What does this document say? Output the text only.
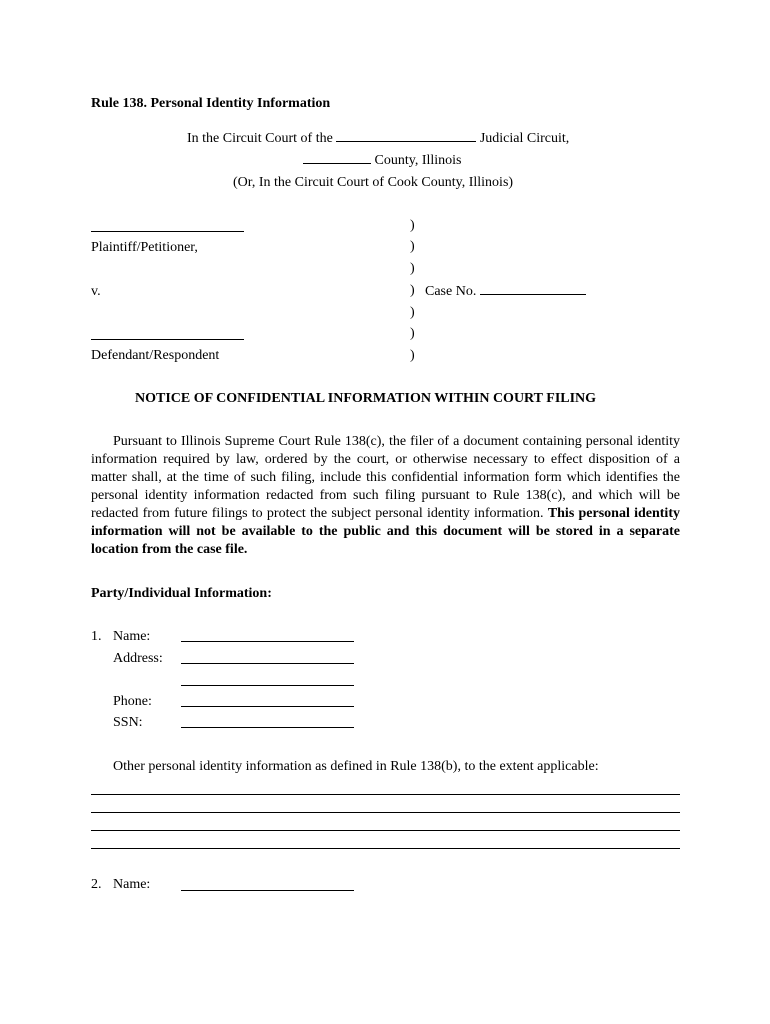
Rule 138. Personal Identity Information
In the Circuit Court of the	Judicial Circuit,
County, Illinois
(Or, In the Circuit Court of Cook County, Illinois)
Plaintiff/Petitioner,
v.
Defendant/Respondent
)
)
)
)
)
)
)
Case No.
NOTICE OF CONFIDENTIAL INFORMATION WITHIN COURT FILING
Pursuant to Illinois Supreme Court Rule 138(c), the filer of a document containing personal identity information required by law, ordered by the court, or otherwise necessary to effect disposition of a matter shall, at the time of such filing, include this confidential information form which identifies the personal identity information redacted from such filing pursuant to Rule 138(c), and which will be redacted from future filings to protect the subject personal identity information. This personal identity information will not be available to the public and this document will be stored in a separate location from the case file.
Party/Individual Information:
1. Name:
Address:
Phone:
SSN:
Other personal identity information as defined in Rule 138(b), to the extent applicable:
2. Name:
